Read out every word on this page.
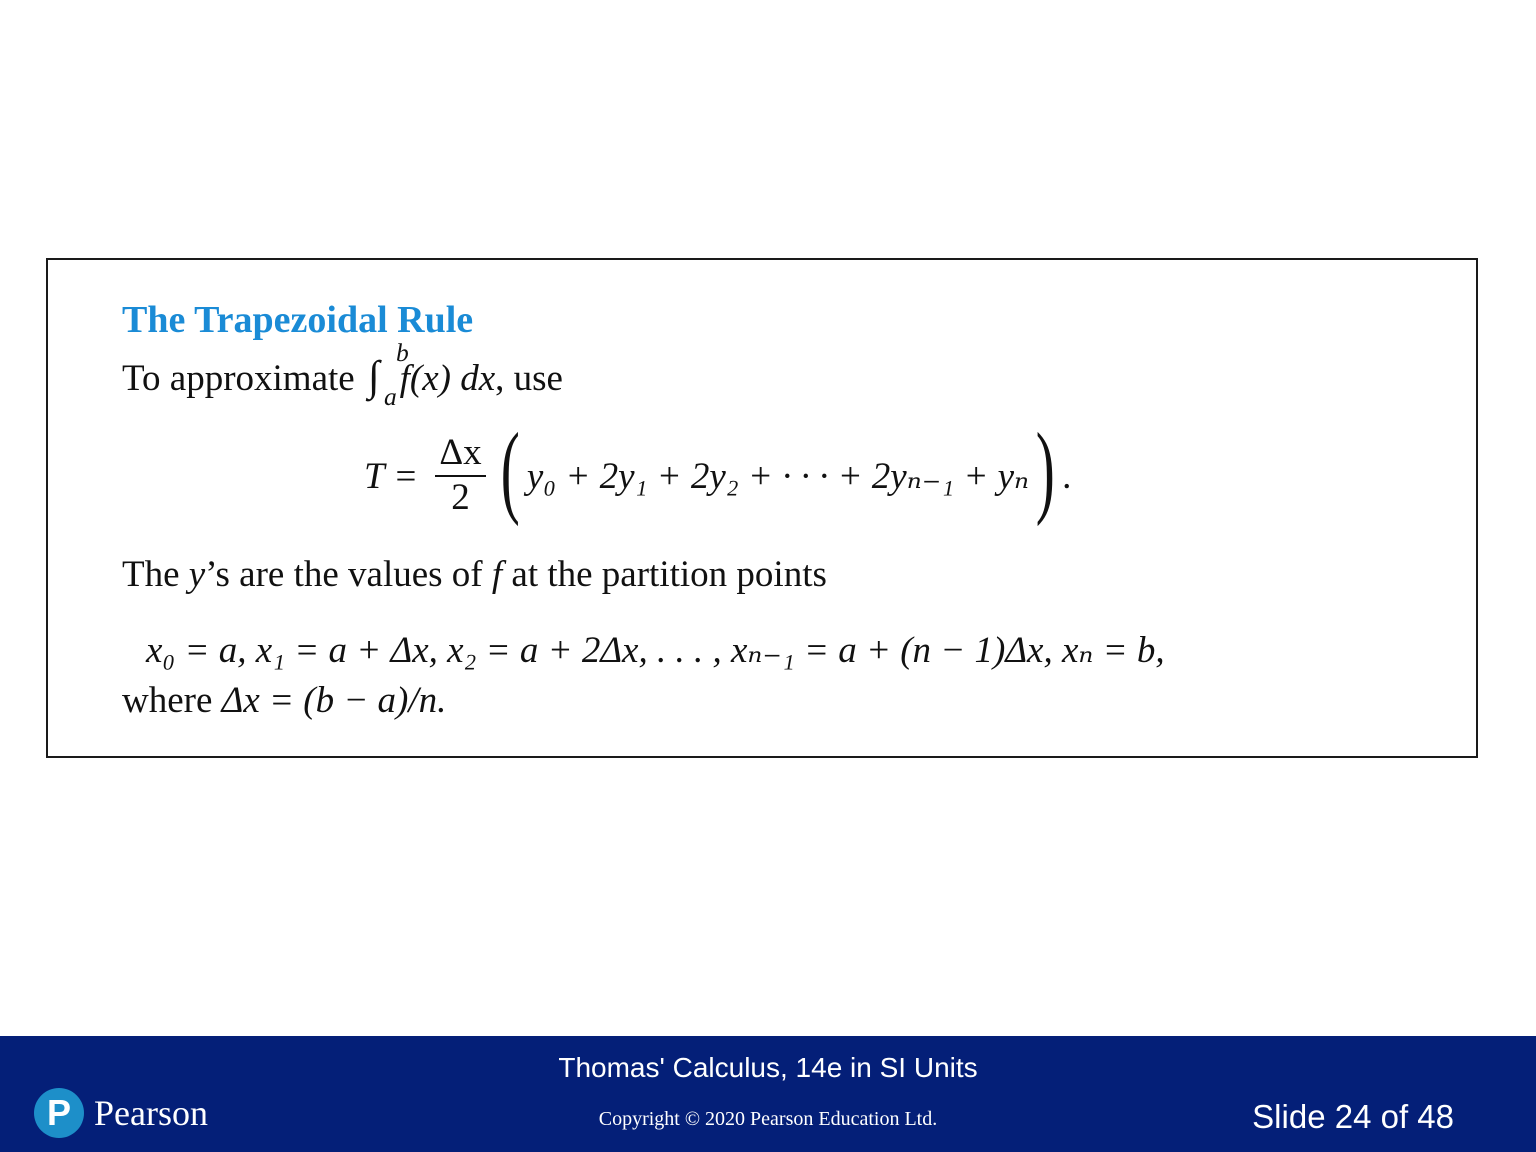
The Trapezoidal Rule
To approximate ∫
b
a f(x) dx, use
$T = \frac{\Delta x}{2}$ ( y₀ + 2y₁ + 2y₂ + · · · + 2yₙ₋₁ + yₙ ) .
The y’s are the values of f at the partition points
x₀ = a, x₁ = a + Δx, x₂ = a + 2Δx, . . . , xₙ₋₁ = a + (n − 1)Δx, xₙ = b,
where Δx = (b − a)/n.
Thomas' Calculus, 14e in SI Units
Copyright © 2020 Pearson Education Ltd.
P Pearson	Slide 24 of 48
